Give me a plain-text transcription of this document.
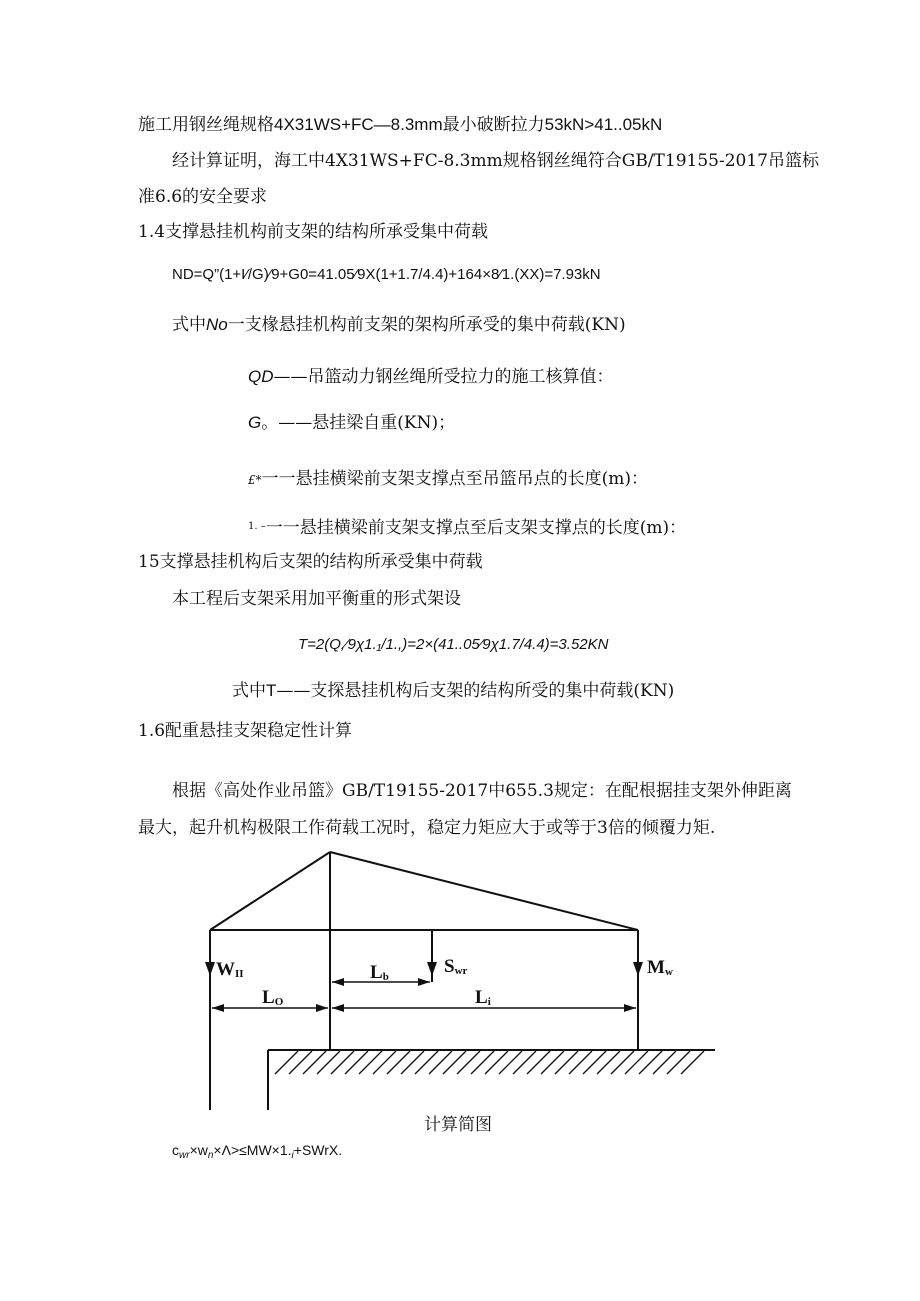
施工用钢丝绳规格4X31WS+FC—8.3mm最小破断拉力53kN>41..05kN
经计算证明，海工中4X31WS+FC-8.3mm规格钢丝绳符合GB/T19155-2017吊篮标
准6.6的安全要求
1.4支撑悬挂机构前支架的结构所承受集中荷载
ND=Q”(1+I⁄/G)⁄9+G0=41.05⁄9X(1+1.7/4.4)+164×8⁄1.(XX)=7.93kN
式中No一支椽悬挂机构前支架的架构所承受的集中荷载(KN)
QD——吊篮动力钢丝绳所受拉力的施工核算值：
G。——悬挂梁自重(KN)；
£*一一悬挂横梁前支架支撑点至吊篮吊点的长度(m)：
$^{1. -}$一一悬挂横梁前支架支撑点至后支架支撑点的长度(m)：
15支撑悬挂机构后支架的结构所承受集中荷载
本工程后支架采用加平衡重的形式架设
T=2(Q,⁄9χ1.₁/1.,)=2×(41..05⁄9χ1.7/4.4)=3.52KN
式中T——支探悬挂机构后支架的结构所受的集中荷载(KN)
1.6配重悬挂支架稳定性计算
根据《高处作业吊篮》GB/T19155-2017中655.3规定：在配根据挂支架外伸距离
最大，起升机构极限工作荷载工况时，稳定力矩应大于或等于3倍的倾覆力矩.
WII	Swr	Mw
Lb
LO	Li
计算简图
$c_{wr}\times w_n\times\Lambda>\le MW\times 1._i+SWrX$.
